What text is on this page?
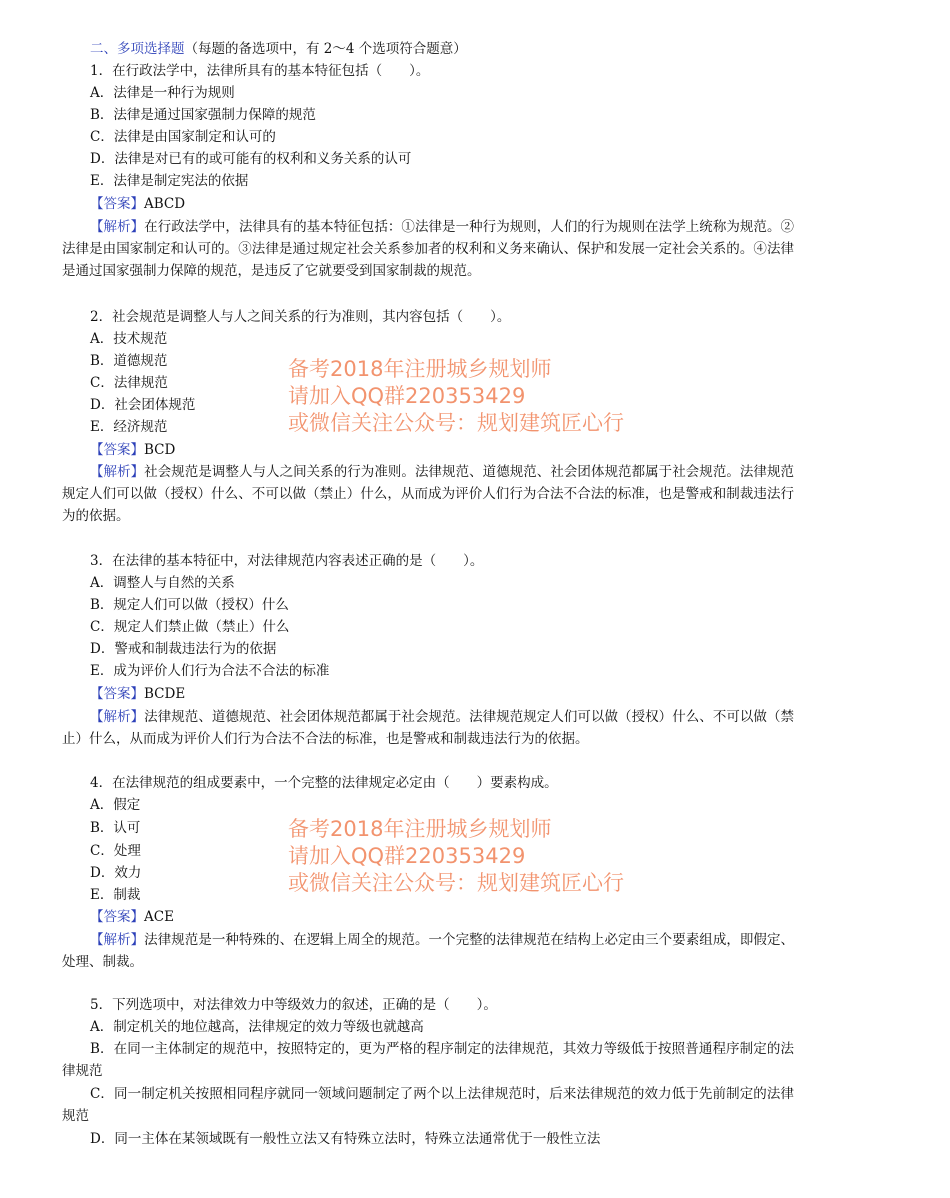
二、多项选择题（每题的备选项中，有 2～4 个选项符合题意）
1．在行政法学中，法律所具有的基本特征包括（　　）。
A．法律是一种行为规则
B．法律是通过国家强制力保障的规范
C．法律是由国家制定和认可的
D．法律是对已有的或可能有的权利和义务关系的认可
E．法律是制定宪法的依据
【答案】ABCD
【解析】在行政法学中，法律具有的基本特征包括：①法律是一种行为规则，人们的行为规则在法学上统称为规范。②法律是由国家制定和认可的。③法律是通过规定社会关系参加者的权利和义务来确认、保护和发展一定社会关系的。④法律是通过国家强制力保障的规范，是违反了它就要受到国家制裁的规范。
2．社会规范是调整人与人之间关系的行为准则，其内容包括（　　）。
A．技术规范
B．道德规范
C．法律规范
D．社会团体规范
E．经济规范
【答案】BCD
【解析】社会规范是调整人与人之间关系的行为准则。法律规范、道德规范、社会团体规范都属于社会规范。法律规范规定人们可以做（授权）什么、不可以做（禁止）什么，从而成为评价人们行为合法不合法的标准，也是警戒和制裁违法行为的依据。
3．在法律的基本特征中，对法律规范内容表述正确的是（　　）。
A．调整人与自然的关系
B．规定人们可以做（授权）什么
C．规定人们禁止做（禁止）什么
D．警戒和制裁违法行为的依据
E．成为评价人们行为合法不合法的标准
【答案】BCDE
【解析】法律规范、道德规范、社会团体规范都属于社会规范。法律规范规定人们可以做（授权）什么、不可以做（禁止）什么，从而成为评价人们行为合法不合法的标准，也是警戒和制裁违法行为的依据。
4．在法律规范的组成要素中，一个完整的法律规定必定由（　　）要素构成。
A．假定
B．认可
C．处理
D．效力
E．制裁
【答案】ACE
【解析】法律规范是一种特殊的、在逻辑上周全的规范。一个完整的法律规范在结构上必定由三个要素组成，即假定、处理、制裁。
5．下列选项中，对法律效力中等级效力的叙述，正确的是（　　）。
A．制定机关的地位越高，法律规定的效力等级也就越高
B．在同一主体制定的规范中，按照特定的，更为严格的程序制定的法律规范，其效力等级低于按照普通程序制定的法律规范
C．同一制定机关按照相同程序就同一领域问题制定了两个以上法律规范时，后来法律规范的效力低于先前制定的法律规范
D．同一主体在某领域既有一般性立法又有特殊立法时，特殊立法通常优于一般性立法
备考2018年注册城乡规划师
请加入QQ群220353429
或微信关注公众号：规划建筑匠心行
备考2018年注册城乡规划师
请加入QQ群220353429
或微信关注公众号：规划建筑匠心行
